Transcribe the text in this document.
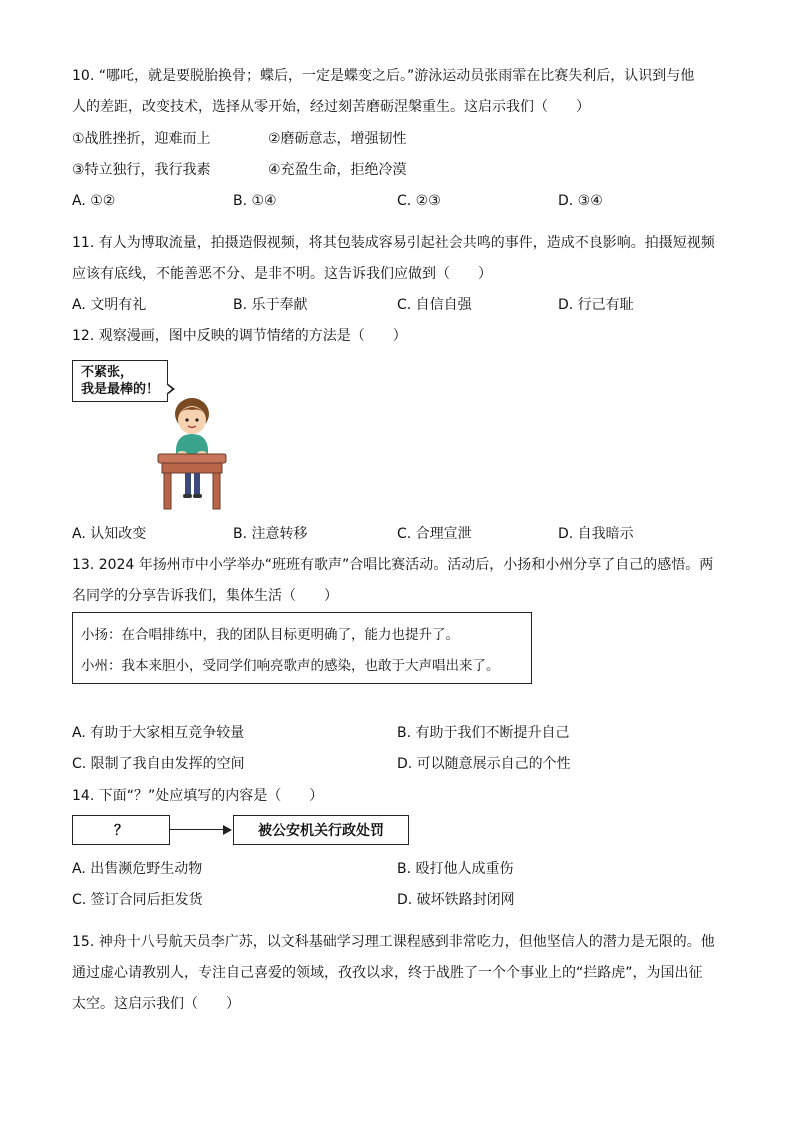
10. “哪吒，就是要脱胎换骨；蝶后，一定是蝶变之后。”游泳运动员张雨霏在比赛失利后，认识到与他
人的差距，改变技术，选择从零开始，经过刻苦磨砺涅槃重生。这启示我们（　　）
①战胜挫折，迎难而上	②磨砺意志，增强韧性
③特立独行，我行我素	④充盈生命，拒绝冷漠
A. ①②	B. ①④	C. ②③	D. ③④
11. 有人为博取流量，拍摄造假视频，将其包装成容易引起社会共鸣的事件，造成不良影响。拍摄短视频
应该有底线，不能善恶不分、是非不明。这告诉我们应做到（　　）
A. 文明有礼	B. 乐于奉献	C. 自信自强	D. 行己有耻
12. 观察漫画，图中反映的调节情绪的方法是（　　）
不紧张，
我是最棒的！
A. 认知改变	B. 注意转移	C. 合理宣泄	D. 自我暗示
13. 2024 年扬州市中小学举办“班班有歌声”合唱比赛活动。活动后，小扬和小州分享了自己的感悟。两
名同学的分享告诉我们，集体生活（　　）
小扬：在合唱排练中，我的团队目标更明确了，能力也提升了。
小州：我本来胆小，受同学们响亮歌声的感染，也敢于大声唱出来了。
A. 有助于大家相互竞争较量	B. 有助于我们不断提升自己
C. 限制了我自由发挥的空间	D. 可以随意展示自己的个性
14. 下面“？”处应填写的内容是（　　）
？	被公安机关行政处罚
A. 出售濒危野生动物	B. 殴打他人成重伤
C. 签订合同后拒发货	D. 破坏铁路封闭网
15. 神舟十八号航天员李广苏，以文科基础学习理工课程感到非常吃力，但他坚信人的潜力是无限的。他
通过虚心请教别人，专注自己喜爱的领域，孜孜以求，终于战胜了一个个事业上的“拦路虎”，为国出征
太空。这启示我们（　　）
